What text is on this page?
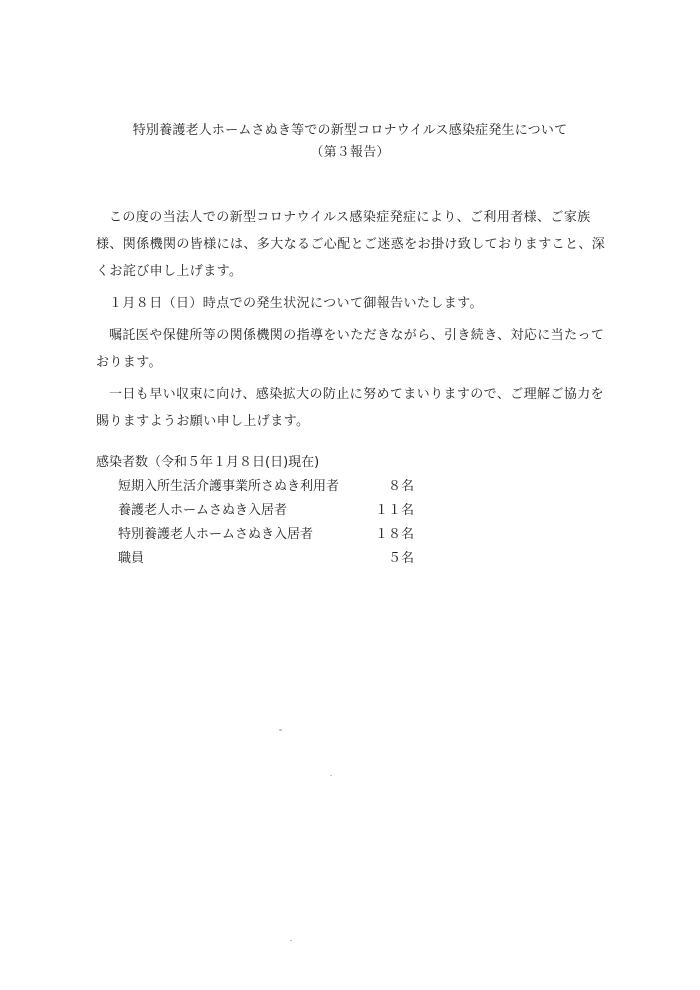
特別養護老人ホームさぬき等での新型コロナウイルス感染症発生について
（第３報告）

この度の当法人での新型コロナウイルス感染症発症により、ご利用者様、ご家族様、関係機関の皆様には、多大なるご心配とご迷惑をお掛け致しておりますこと、深くお詫び申し上げます。

１月８日（日）時点での発生状況について御報告いたします。

嘱託医や保健所等の関係機関の指導をいただきながら、引き続き、対応に当たっております。

一日も早い収束に向け、感染拡大の防止に努めてまいりますので、ご理解ご協力を賜りますようお願い申し上げます。

感染者数（令和５年１月８日(日)現在)
短期入所生活介護事業所さぬき利用者	８名
養護老人ホームさぬき入居者	１１名
特別養護老人ホームさぬき入居者	１８名
職員	５名
